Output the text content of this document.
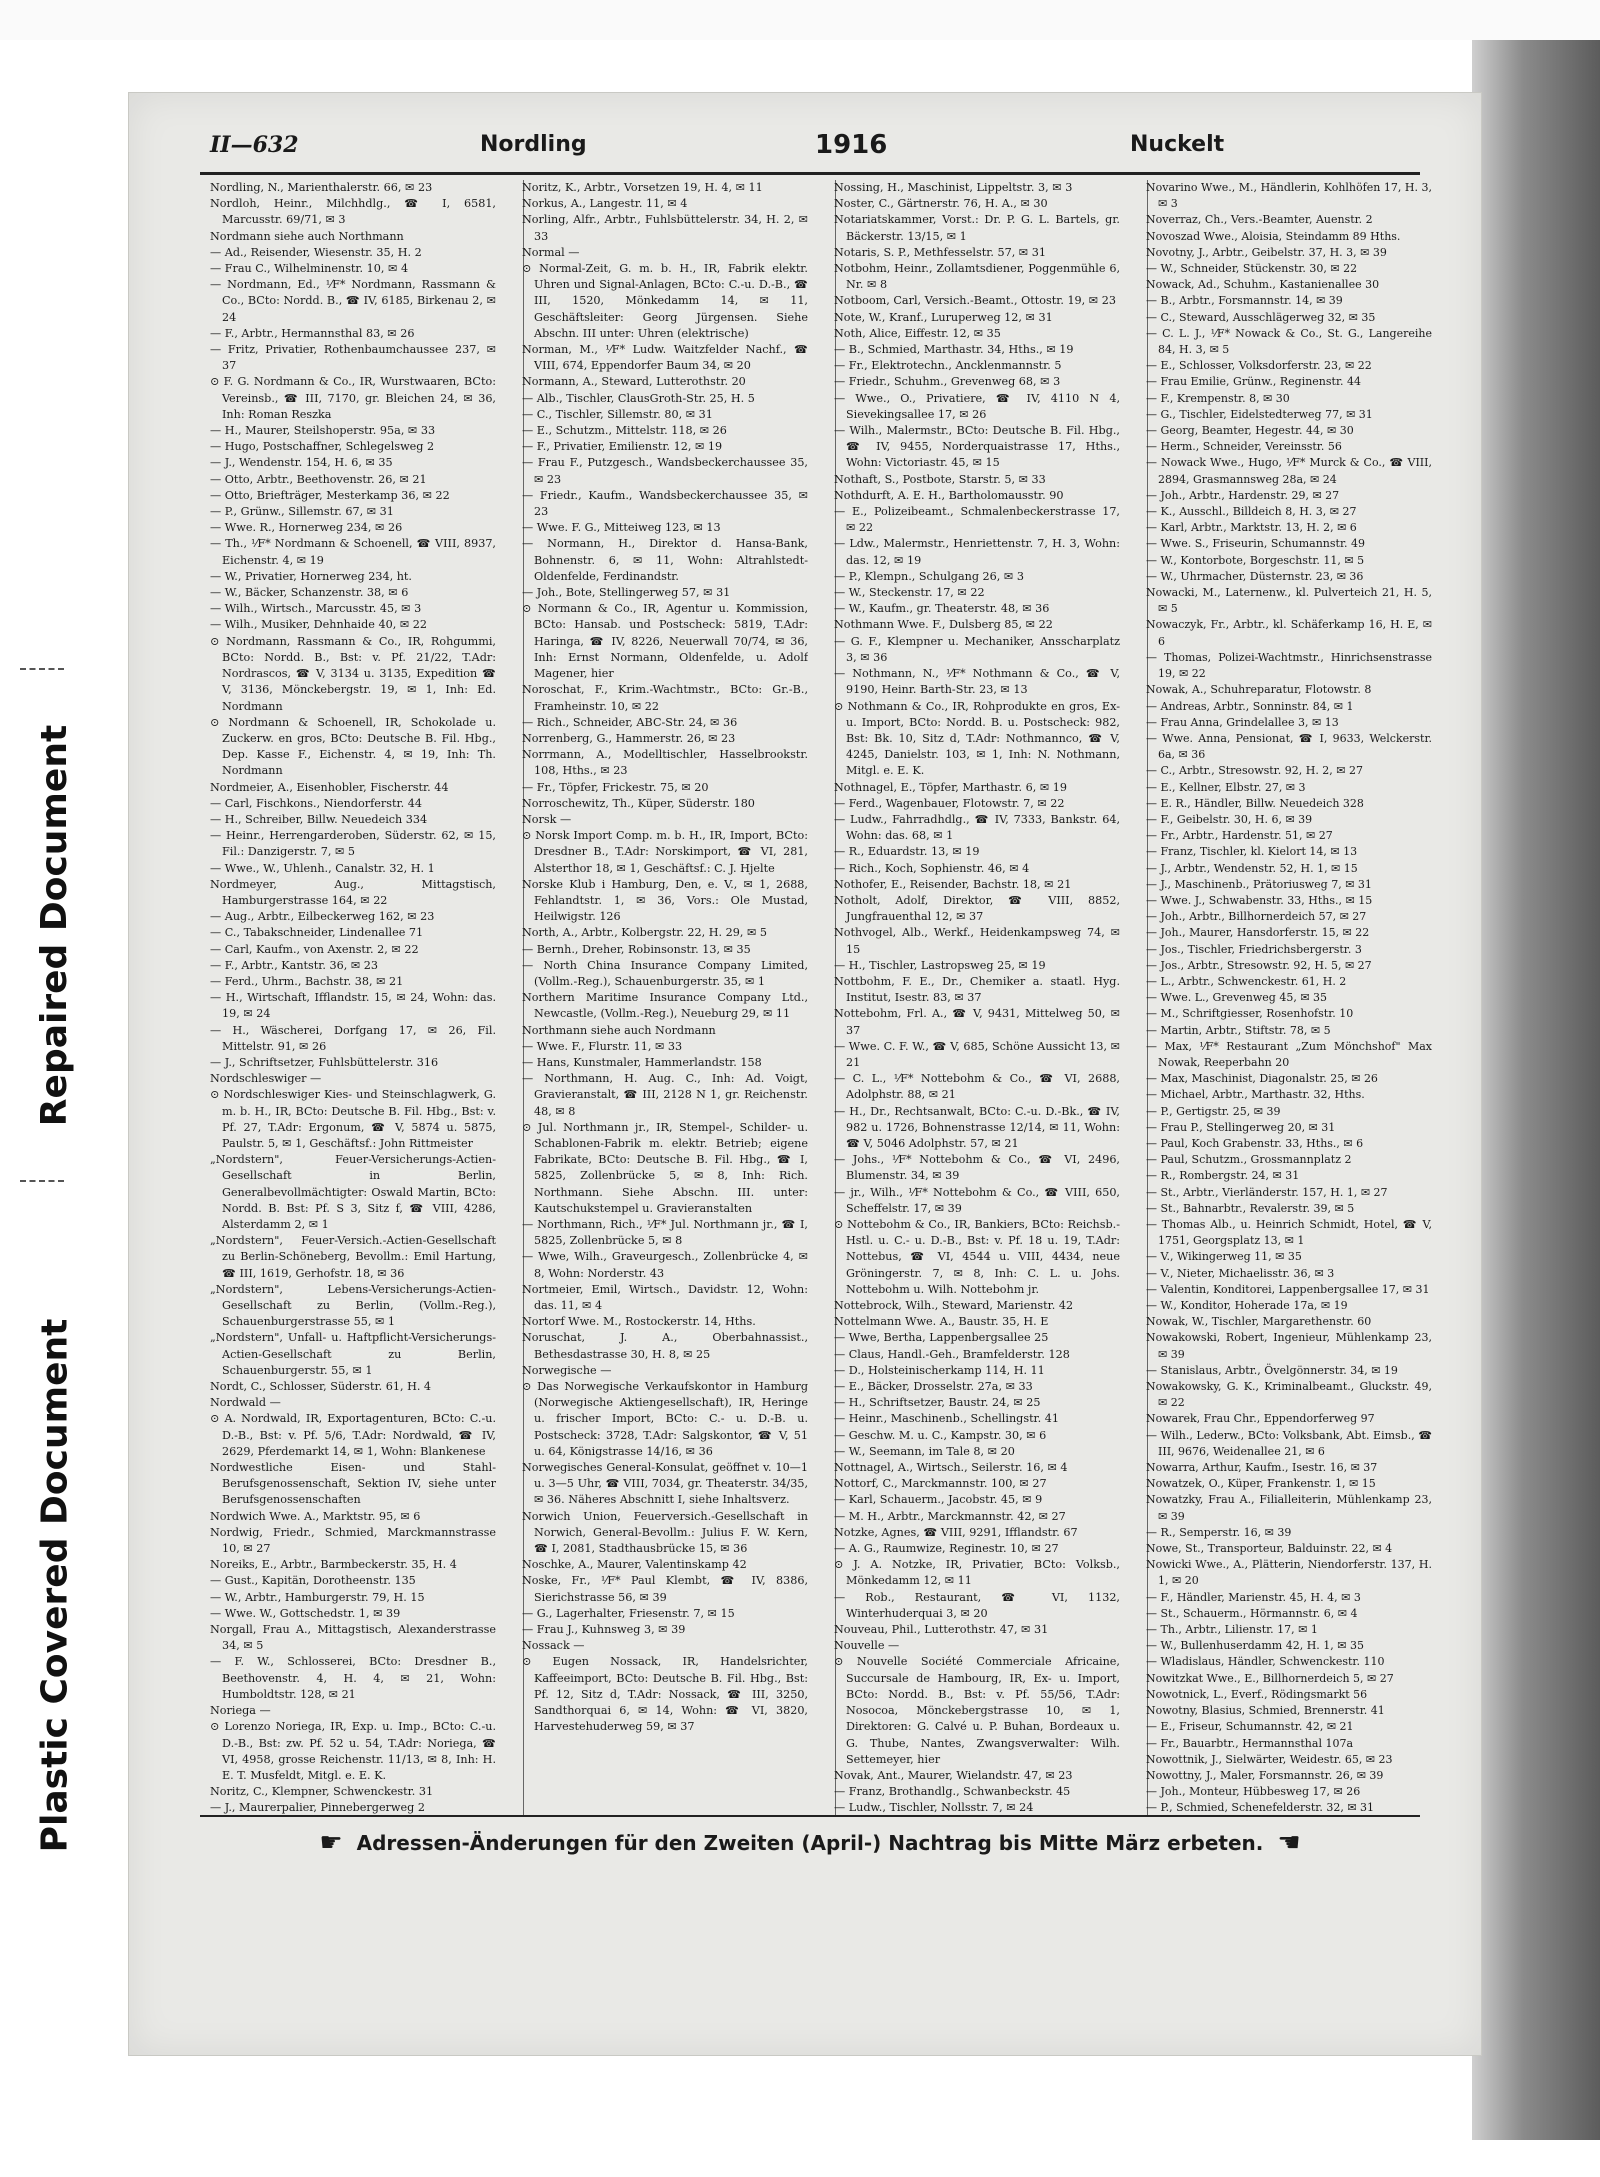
Repaired Document
Plastic Covered Document
II—632	Nordling	1916	Nuckelt
Nordling, N., Marienthalerstr. 66, ✉ 23
Nordloh, Heinr., Milchhdlg., ☎ I, 6581, Marcusstr. 69/71, ✉ 3
Nordmann siehe auch Northmann
— Ad., Reisender, Wiesenstr. 35, H. 2
— Frau C., Wilhelminenstr. 10, ✉ 4
— Nordmann, Ed., ¹⁄F* Nordmann, Rassmann & Co., BCto: Nordd. B., ☎ IV, 6185, Birkenau 2, ✉ 24
— F., Arbtr., Hermannsthal 83, ✉ 26
— Fritz, Privatier, Rothenbaumchaussee 237, ✉ 37
⊙ F. G. Nordmann & Co., IR, Wurstwaaren, BCto: Vereinsb., ☎ III, 7170, gr. Bleichen 24, ✉ 36, Inh: Roman Reszka
— H., Maurer, Steilshoperstr. 95a, ✉ 33
— Hugo, Postschaffner, Schlegelsweg 2
— J., Wendenstr. 154, H. 6, ✉ 35
— Otto, Arbtr., Beethovenstr. 26, ✉ 21
— Otto, Briefträger, Mesterkamp 36, ✉ 22
— P., Grünw., Sillemstr. 67, ✉ 31
— Wwe. R., Hornerweg 234, ✉ 26
— Th., ¹⁄F* Nordmann & Schoenell, ☎ VIII, 8937, Eichenstr. 4, ✉ 19
— W., Privatier, Hornerweg 234, ht.
— W., Bäcker, Schanzenstr. 38, ✉ 6
— Wilh., Wirtsch., Marcusstr. 45, ✉ 3
— Wilh., Musiker, Dehnhaide 40, ✉ 22
⊙ Nordmann, Rassmann & Co., IR, Rohgummi, BCto: Nordd. B., Bst: v. Pf. 21/22, T.Adr: Nordrascos, ☎ V, 3134 u. 3135, Expedition ☎ V, 3136, Mönckebergstr. 19, ✉ 1, Inh: Ed. Nordmann
⊙ Nordmann & Schoenell, IR, Schokolade u. Zuckerw. en gros, BCto: Deutsche B. Fil. Hbg., Dep. Kasse F., Eichenstr. 4, ✉ 19, Inh: Th. Nordmann
Nordmeier, A., Eisenhobler, Fischerstr. 44
— Carl, Fischkons., Niendorferstr. 44
— H., Schreiber, Billw. Neuedeich 334
— Heinr., Herrengarderoben, Süderstr. 62, ✉ 15, Fil.: Danzigerstr. 7, ✉ 5
— Wwe., W., Uhlenh., Canalstr. 32, H. 1
Nordmeyer, Aug., Mittagstisch, Hamburgerstrasse 164, ✉ 22
— Aug., Arbtr., Eilbeckerweg 162, ✉ 23
— C., Tabakschneider, Lindenallee 71
— Carl, Kaufm., von Axenstr. 2, ✉ 22
— F., Arbtr., Kantstr. 36, ✉ 23
— Ferd., Uhrm., Bachstr. 38, ✉ 21
— H., Wirtschaft, Ifflandstr. 15, ✉ 24, Wohn: das. 19, ✉ 24
— H., Wäscherei, Dorfgang 17, ✉ 26, Fil. Mittelstr. 91, ✉ 26
— J., Schriftsetzer, Fuhlsbüttelerstr. 316
Nordschleswiger —
⊙ Nordschleswiger Kies- und Steinschlagwerk, G. m. b. H., IR, BCto: Deutsche B. Fil. Hbg., Bst: v. Pf. 27, T.Adr: Ergonum, ☎ V, 5874 u. 5875, Paulstr. 5, ✉ 1, Geschäftsf.: John Rittmeister
„Nordstern", Feuer-Versicherungs-Actien-Gesellschaft in Berlin, Generalbevollmächtigter: Oswald Martin, BCto: Nordd. B. Bst: Pf. S 3, Sitz f, ☎ VIII, 4286, Alsterdamm 2, ✉ 1
„Nordstern", Feuer-Versich.-Actien-Gesellschaft zu Berlin-Schöneberg, Bevollm.: Emil Hartung, ☎ III, 1619, Gerhofstr. 18, ✉ 36
„Nordstern", Lebens-Versicherungs-Actien-Gesellschaft zu Berlin, (Vollm.-Reg.), Schauenburgerstrasse 55, ✉ 1
„Nordstern", Unfall- u. Haftpflicht-Versicherungs-Actien-Gesellschaft zu Berlin, Schauenburgerstr. 55, ✉ 1
Nordt, C., Schlosser, Süderstr. 61, H. 4
Nordwald —
⊙ A. Nordwald, IR, Exportagenturen, BCto: C.-u. D.-B., Bst: v. Pf. 5/6, T.Adr: Nordwald, ☎ IV, 2629, Pferdemarkt 14, ✉ 1, Wohn: Blankenese
Nordwestliche Eisen- und Stahl-Berufsgenossenschaft, Sektion IV, siehe unter Berufsgenossenschaften
Nordwich Wwe. A., Marktstr. 95, ✉ 6
Nordwig, Friedr., Schmied, Marckmannstrasse 10, ✉ 27
Noreiks, E., Arbtr., Barmbeckerstr. 35, H. 4
— Gust., Kapitän, Dorotheenstr. 135
— W., Arbtr., Hamburgerstr. 79, H. 15
— Wwe. W., Gottschedstr. 1, ✉ 39
Norgall, Frau A., Mittagstisch, Alexanderstrasse 34, ✉ 5
— F. W., Schlosserei, BCto: Dresdner B., Beethovenstr. 4, H. 4, ✉ 21, Wohn: Humboldtstr. 128, ✉ 21
Noriega —
⊙ Lorenzo Noriega, IR, Exp. u. Imp., BCto: C.-u. D.-B., Bst: zw. Pf. 52 u. 54, T.Adr: Noriega, ☎ VI, 4958, grosse Reichenstr. 11/13, ✉ 8, Inh: H. E. T. Musfeldt, Mitgl. e. E. K.
Noritz, C., Klempner, Schwenckestr. 31
— J., Maurerpalier, Pinnebergerweg 2
Noritz, K., Arbtr., Vorsetzen 19, H. 4, ✉ 11
Norkus, A., Langestr. 11, ✉ 4
Norling, Alfr., Arbtr., Fuhlsbüttelerstr. 34, H. 2, ✉ 33
Normal —
⊙ Normal-Zeit, G. m. b. H., IR, Fabrik elektr. Uhren und Signal-Anlagen, BCto: C.-u. D.-B., ☎ III, 1520, Mönkedamm 14, ✉ 11, Geschäftsleiter: Georg Jürgensen. Siehe Abschn. III unter: Uhren (elektrische)
Norman, M., ¹⁄F* Ludw. Waitzfelder Nachf., ☎ VIII, 674, Eppendorfer Baum 34, ✉ 20
Normann, A., Steward, Lutterothstr. 20
— Alb., Tischler, ClausGroth-Str. 25, H. 5
— C., Tischler, Sillemstr. 80, ✉ 31
— E., Schutzm., Mittelstr. 118, ✉ 26
— F., Privatier, Emilienstr. 12, ✉ 19
— Frau F., Putzgesch., Wandsbeckerchaussee 35, ✉ 23
— Friedr., Kaufm., Wandsbeckerchaussee 35, ✉ 23
— Wwe. F. G., Mitteiweg 123, ✉ 13
— Normann, H., Direktor d. Hansa-Bank, Bohnenstr. 6, ✉ 11, Wohn: Altrahlstedt-Oldenfelde, Ferdinandstr.
— Joh., Bote, Stellingerweg 57, ✉ 31
⊙ Normann & Co., IR, Agentur u. Kommission, BCto: Hansab. und Postscheck: 5819, T.Adr: Haringa, ☎ IV, 8226, Neuerwall 70/74, ✉ 36, Inh: Ernst Normann, Oldenfelde, u. Adolf Magener, hier
Noroschat, F., Krim.-Wachtmstr., BCto: Gr.-B., Framheinstr. 10, ✉ 22
— Rich., Schneider, ABC-Str. 24, ✉ 36
Norrenberg, G., Hammerstr. 26, ✉ 23
Norrmann, A., Modelltischler, Hasselbrookstr. 108, Hths., ✉ 23
— Fr., Töpfer, Frickestr. 75, ✉ 20
Norroschewitz, Th., Küper, Süderstr. 180
Norsk —
⊙ Norsk Import Comp. m. b. H., IR, Import, BCto: Dresdner B., T.Adr: Norskimport, ☎ VI, 281, Alsterthor 18, ✉ 1, Geschäftsf.: C. J. Hjelte
Norske Klub i Hamburg, Den, e. V., ✉ 1, 2688, Fehlandtstr. 1, ✉ 36, Vors.: Ole Mustad, Heilwigstr. 126
North, A., Arbtr., Kolbergstr. 22, H. 29, ✉ 5
— Bernh., Dreher, Robinsonstr. 13, ✉ 35
— North China Insurance Company Limited, (Vollm.-Reg.), Schauenburgerstr. 35, ✉ 1
Northern Maritime Insurance Company Ltd., Newcastle, (Vollm.-Reg.), Neueburg 29, ✉ 11
Northmann siehe auch Nordmann
— Wwe. F., Flurstr. 11, ✉ 33
— Hans, Kunstmaler, Hammerlandstr. 158
— Northmann, H. Aug. C., Inh: Ad. Voigt, Gravieranstalt, ☎ III, 2128 N 1, gr. Reichenstr. 48, ✉ 8
⊙ Jul. Northmann jr., IR, Stempel-, Schilder- u. Schablonen-Fabrik m. elektr. Betrieb; eigene Fabrikate, BCto: Deutsche B. Fil. Hbg., ☎ I, 5825, Zollenbrücke 5, ✉ 8, Inh: Rich. Northmann. Siehe Abschn. III. unter: Kautschukstempel u. Gravieranstalten
— Northmann, Rich., ¹⁄F* Jul. Northmann jr., ☎ I, 5825, Zollenbrücke 5, ✉ 8
— Wwe, Wilh., Graveurgesch., Zollenbrücke 4, ✉ 8, Wohn: Norderstr. 43
Nortmeier, Emil, Wirtsch., Davidstr. 12, Wohn: das. 11, ✉ 4
Nortorf Wwe. M., Rostockerstr. 14, Hths.
Noruschat, J. A., Oberbahnassist., Bethesdastrasse 30, H. 8, ✉ 25
Norwegische —
⊙ Das Norwegische Verkaufskontor in Hamburg (Norwegische Aktiengesellschaft), IR, Heringe u. frischer Import, BCto: C.- u. D.-B. u. Postscheck: 3728, T.Adr: Salgskontor, ☎ V, 51 u. 64, Königstrasse 14/16, ✉ 36
Norwegisches General-Konsulat, geöffnet v. 10—1 u. 3—5 Uhr, ☎ VIII, 7034, gr. Theaterstr. 34/35, ✉ 36. Näheres Abschnitt I, siehe Inhaltsverz.
Norwich Union, Feuerversich.-Gesellschaft in Norwich, General-Bevollm.: Julius F. W. Kern, ☎ I, 2081, Stadthausbrücke 15, ✉ 36
Noschke, A., Maurer, Valentinskamp 42
Noske, Fr., ¹⁄F* Paul Klembt, ☎ IV, 8386, Sierichstrasse 56, ✉ 39
— G., Lagerhalter, Friesenstr. 7, ✉ 15
— Frau J., Kuhnsweg 3, ✉ 39
Nossack —
⊙ Eugen Nossack, IR, Handelsrichter, Kaffeeimport, BCto: Deutsche B. Fil. Hbg., Bst: Pf. 12, Sitz d, T.Adr: Nossack, ☎ III, 3250, Sandthorquai 6, ✉ 14, Wohn: ☎ VI, 3820, Harvestehuderweg 59, ✉ 37
Nossing, H., Maschinist, Lippeltstr. 3, ✉ 3
Noster, C., Gärtnerstr. 76, H. A., ✉ 30
Notariatskammer, Vorst.: Dr. P. G. L. Bartels, gr. Bäckerstr. 13/15, ✉ 1
Notaris, S. P., Methfesselstr. 57, ✉ 31
Notbohm, Heinr., Zollamtsdiener, Poggenmühle 6, Nr. ✉ 8
Notboom, Carl, Versich.-Beamt., Ottostr. 19, ✉ 23
Note, W., Kranf., Luruperweg 12, ✉ 31
Noth, Alice, Eiffestr. 12, ✉ 35
— B., Schmied, Marthastr. 34, Hths., ✉ 19
— Fr., Elektrotechn., Ancklenmannstr. 5
— Friedr., Schuhm., Grevenweg 68, ✉ 3
— Wwe., O., Privatiere, ☎ IV, 4110 N 4, Sievekingsallee 17, ✉ 26
— Wilh., Malermstr., BCto: Deutsche B. Fil. Hbg., ☎ IV, 9455, Norderquaistrasse 17, Hths., Wohn: Victoriastr. 45, ✉ 15
Nothaft, S., Postbote, Starstr. 5, ✉ 33
Nothdurft, A. E. H., Bartholomausstr. 90
— E., Polizeibeamt., Schmalenbeckerstrasse 17, ✉ 22
— Ldw., Malermstr., Henriettenstr. 7, H. 3, Wohn: das. 12, ✉ 19
— P., Klempn., Schulgang 26, ✉ 3
— W., Steckenstr. 17, ✉ 22
— W., Kaufm., gr. Theaterstr. 48, ✉ 36
Nothmann Wwe. F., Dulsberg 85, ✉ 22
— G. F., Klempner u. Mechaniker, Ansscharplatz 3, ✉ 36
— Nothmann, N., ¹⁄F* Nothmann & Co., ☎ V, 9190, Heinr. Barth-Str. 23, ✉ 13
⊙ Nothmann & Co., IR, Rohprodukte en gros, Ex- u. Import, BCto: Nordd. B. u. Postscheck: 982, Bst: Bk. 10, Sitz d, T.Adr: Nothmannco, ☎ V, 4245, Danielstr. 103, ✉ 1, Inh: N. Nothmann, Mitgl. e. E. K.
Nothnagel, E., Töpfer, Marthastr. 6, ✉ 19
— Ferd., Wagenbauer, Flotowstr. 7, ✉ 22
— Ludw., Fahrradhdlg., ☎ IV, 7333, Bankstr. 64, Wohn: das. 68, ✉ 1
— R., Eduardstr. 13, ✉ 19
— Rich., Koch, Sophienstr. 46, ✉ 4
Nothofer, E., Reisender, Bachstr. 18, ✉ 21
Notholt, Adolf, Direktor, ☎ VIII, 8852, Jungfrauenthal 12, ✉ 37
Nothvogel, Alb., Werkf., Heidenkampsweg 74, ✉ 15
— H., Tischler, Lastropsweg 25, ✉ 19
Nottbohm, F. E., Dr., Chemiker a. staatl. Hyg. Institut, Isestr. 83, ✉ 37
Nottebohm, Frl. A., ☎ V, 9431, Mittelweg 50, ✉ 37
— Wwe. C. F. W., ☎ V, 685, Schöne Aussicht 13, ✉ 21
— C. L., ¹⁄F* Nottebohm & Co., ☎ VI, 2688, Adolphstr. 88, ✉ 21
— H., Dr., Rechtsanwalt, BCto: C.-u. D.-Bk., ☎ IV, 982 u. 1726, Bohnenstrasse 12/14, ✉ 11, Wohn: ☎ V, 5046 Adolphstr. 57, ✉ 21
— Johs., ¹⁄F* Nottebohm & Co., ☎ VI, 2496, Blumenstr. 34, ✉ 39
— jr., Wilh., ¹⁄F* Nottebohm & Co., ☎ VIII, 650, Scheffelstr. 17, ✉ 39
⊙ Nottebohm & Co., IR, Bankiers, BCto: Reichsb.-Hstl. u. C.- u. D.-B., Bst: v. Pf. 18 u. 19, T.Adr: Nottebus, ☎ VI, 4544 u. VIII, 4434, neue Gröningerstr. 7, ✉ 8, Inh: C. L. u. Johs. Nottebohm u. Wilh. Nottebohm jr.
Nottebrock, Wilh., Steward, Marienstr. 42
Nottelmann Wwe. A., Baustr. 35, H. E
— Wwe, Bertha, Lappenbergsallee 25
— Claus, Handl.-Geh., Bramfelderstr. 128
— D., Holsteinischerkamp 114, H. 11
— E., Bäcker, Drosselstr. 27a, ✉ 33
— H., Schriftsetzer, Baustr. 24, ✉ 25
— Heinr., Maschinenb., Schellingstr. 41
— Geschw. M. u. C., Kampstr. 30, ✉ 6
— W., Seemann, im Tale 8, ✉ 20
Nottnagel, A., Wirtsch., Seilerstr. 16, ✉ 4
Nottorf, C., Marckmannstr. 100, ✉ 27
— Karl, Schauerm., Jacobstr. 45, ✉ 9
— M. H., Arbtr., Marckmannstr. 42, ✉ 27
Notzke, Agnes, ☎ VIII, 9291, Ifflandstr. 67
— A. G., Raumwize, Reginestr. 10, ✉ 27
⊙ J. A. Notzke, IR, Privatier, BCto: Volksb., Mönkedamm 12, ✉ 11
— Rob., Restaurant, ☎ VI, 1132, Winterhuderquai 3, ✉ 20
Nouveau, Phil., Lutterothstr. 47, ✉ 31
Nouvelle —
⊙ Nouvelle Société Commerciale Africaine, Succursale de Hambourg, IR, Ex- u. Import, BCto: Nordd. B., Bst: v. Pf. 55/56, T.Adr: Nosocoa, Mönckebergstrasse 10, ✉ 1, Direktoren: G. Calvé u. P. Buhan, Bordeaux u. G. Thube, Nantes, Zwangsverwalter: Wilh. Settemeyer, hier
Novak, Ant., Maurer, Wielandstr. 47, ✉ 23
— Franz, Brothandlg., Schwanbeckstr. 45
— Ludw., Tischler, Nollsstr. 7, ✉ 24
Novarino Wwe., M., Händlerin, Kohlhöfen 17, H. 3, ✉ 3
Noverraz, Ch., Vers.-Beamter, Auenstr. 2
Novoszad Wwe., Aloisia, Steindamm 89 Hths.
Novotny, J., Arbtr., Geibelstr. 37, H. 3, ✉ 39
— W., Schneider, Stückenstr. 30, ✉ 22
Nowack, Ad., Schuhm., Kastanienallee 30
— B., Arbtr., Forsmannstr. 14, ✉ 39
— C., Steward, Ausschlägerweg 32, ✉ 35
— C. L. J., ¹⁄F* Nowack & Co., St. G., Langereihe 84, H. 3, ✉ 5
— E., Schlosser, Volksdorferstr. 23, ✉ 22
— Frau Emilie, Grünw., Reginenstr. 44
— F., Krempenstr. 8, ✉ 30
— G., Tischler, Eidelstedterweg 77, ✉ 31
— Georg, Beamter, Hegestr. 44, ✉ 30
— Herm., Schneider, Vereinsstr. 56
— Nowack Wwe., Hugo, ¹⁄F* Murck & Co., ☎ VIII, 2894, Grasmannsweg 28a, ✉ 24
— Joh., Arbtr., Hardenstr. 29, ✉ 27
— K., Ausschl., Billdeich 8, H. 3, ✉ 27
— Karl, Arbtr., Marktstr. 13, H. 2, ✉ 6
— Wwe. S., Friseurin, Schumannstr. 49
— W., Kontorbote, Borgeschstr. 11, ✉ 5
— W., Uhrmacher, Düsternstr. 23, ✉ 36
Nowacki, M., Laternenw., kl. Pulverteich 21, H. 5, ✉ 5
Nowaczyk, Fr., Arbtr., kl. Schäferkamp 16, H. E, ✉ 6
— Thomas, Polizei-Wachtmstr., Hinrichsenstrasse 19, ✉ 22
Nowak, A., Schuhreparatur, Flotowstr. 8
— Andreas, Arbtr., Sonninstr. 84, ✉ 1
— Frau Anna, Grindelallee 3, ✉ 13
— Wwe. Anna, Pensionat, ☎ I, 9633, Welckerstr. 6a, ✉ 36
— C., Arbtr., Stresowstr. 92, H. 2, ✉ 27
— E., Kellner, Elbstr. 27, ✉ 3
— E. R., Händler, Billw. Neuedeich 328
— F., Geibelstr. 30, H. 6, ✉ 39
— Fr., Arbtr., Hardenstr. 51, ✉ 27
— Franz, Tischler, kl. Kielort 14, ✉ 13
— J., Arbtr., Wendenstr. 52, H. 1, ✉ 15
— J., Maschinenb., Prätoriusweg 7, ✉ 31
— Wwe. J., Schwabenstr. 33, Hths., ✉ 15
— Joh., Arbtr., Billhornerdeich 57, ✉ 27
— Joh., Maurer, Hansdorferstr. 15, ✉ 22
— Jos., Tischler, Friedrichsbergerstr. 3
— Jos., Arbtr., Stresowstr. 92, H. 5, ✉ 27
— L., Arbtr., Schwenckestr. 61, H. 2
— Wwe. L., Grevenweg 45, ✉ 35
— M., Schriftgiesser, Rosenhofstr. 10
— Martin, Arbtr., Stiftstr. 78, ✉ 5
— Max, ¹⁄F* Restaurant „Zum Mönchshof" Max Nowak, Reeperbahn 20
— Max, Maschinist, Diagonalstr. 25, ✉ 26
— Michael, Arbtr., Marthastr. 32, Hths.
— P., Gertigstr. 25, ✉ 39
— Frau P., Stellingerweg 20, ✉ 31
— Paul, Koch Grabenstr. 33, Hths., ✉ 6
— Paul, Schutzm., Grossmannplatz 2
— R., Rombergstr. 24, ✉ 31
— St., Arbtr., Vierländerstr. 157, H. 1, ✉ 27
— St., Bahnarbtr., Revalerstr. 39, ✉ 5
— Thomas Alb., u. Heinrich Schmidt, Hotel, ☎ V, 1751, Georgsplatz 13, ✉ 1
— V., Wikingerweg 11, ✉ 35
— V., Nieter, Michaelisstr. 36, ✉ 3
— Valentin, Konditorei, Lappenbergsallee 17, ✉ 31
— W., Konditor, Hoherade 17a, ✉ 19
Nowak, W., Tischler, Margarethenstr. 60
Nowakowski, Robert, Ingenieur, Mühlenkamp 23, ✉ 39
— Stanislaus, Arbtr., Övelgönnerstr. 34, ✉ 19
Nowakowsky, G. K., Kriminalbeamt., Gluckstr. 49, ✉ 22
Nowarek, Frau Chr., Eppendorferweg 97
— Wilh., Lederw., BCto: Volksbank, Abt. Eimsb., ☎ III, 9676, Weidenallee 21, ✉ 6
Nowarra, Arthur, Kaufm., Isestr. 16, ✉ 37
Nowatzek, O., Küper, Frankenstr. 1, ✉ 15
Nowatzky, Frau A., Filialleiterin, Mühlenkamp 23, ✉ 39
— R., Semperstr. 16, ✉ 39
Nowe, St., Transporteur, Balduinstr. 22, ✉ 4
Nowicki Wwe., A., Plätterin, Niendorferstr. 137, H. 1, ✉ 20
— F., Händler, Marienstr. 45, H. 4, ✉ 3
— St., Schauerm., Hörmannstr. 6, ✉ 4
— Th., Arbtr., Lilienstr. 17, ✉ 1
— W., Bullenhuserdamm 42, H. 1, ✉ 35
— Wladislaus, Händler, Schwenckestr. 110
Nowitzkat Wwe., E., Billhornerdeich 5, ✉ 27
Nowotnick, L., Everf., Rödingsmarkt 56
Nowotny, Blasius, Schmied, Brennerstr. 41
— E., Friseur, Schumannstr. 42, ✉ 21
— Fr., Bauarbtr., Hermannsthal 107a
Nowottnik, J., Sielwärter, Weidestr. 65, ✉ 23
Nowottny, J., Maler, Forsmannstr. 26, ✉ 39
— Joh., Monteur, Hübbesweg 17, ✉ 26
— P., Schmied, Schenefelderstr. 32, ✉ 31
☛ Adressen-Änderungen für den Zweiten (April-) Nachtrag bis Mitte März erbeten. ☚
